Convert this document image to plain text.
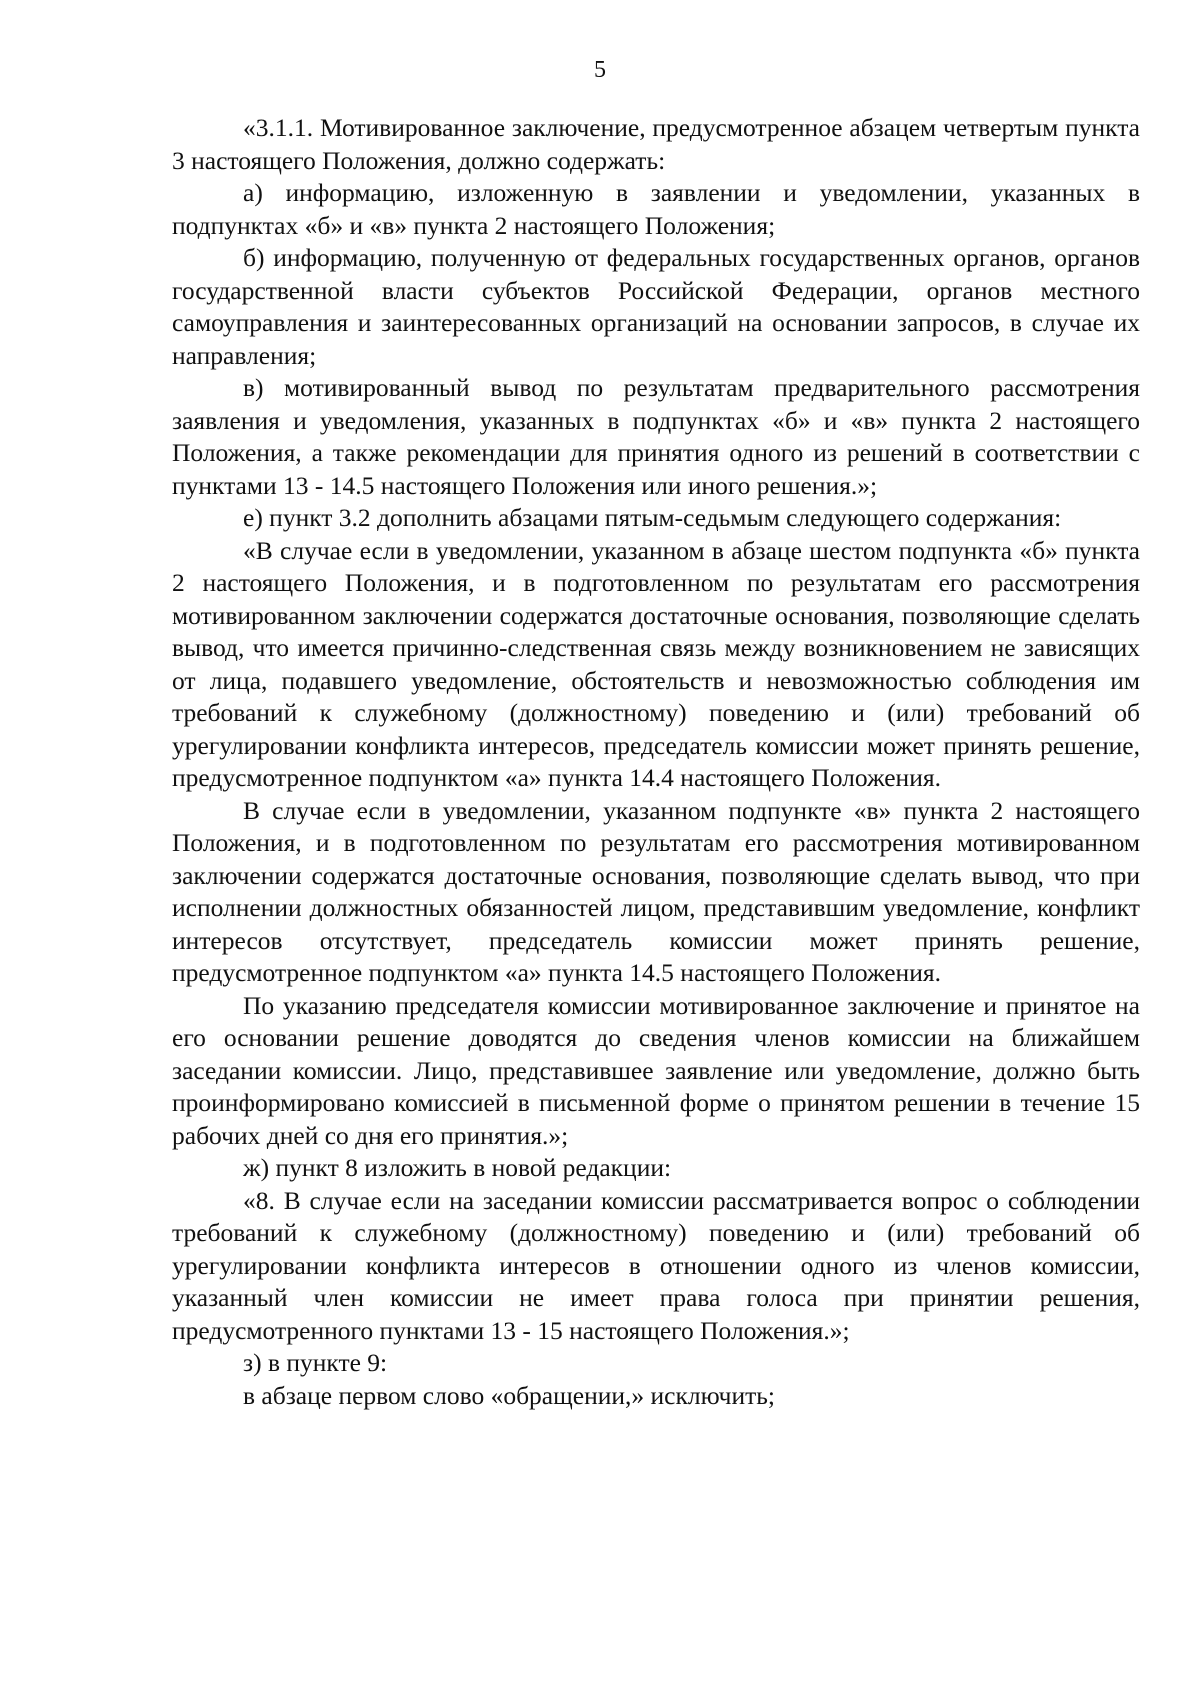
5

«3.1.1. Мотивированное заключение, предусмотренное абзацем четвертым пункта 3 настоящего Положения, должно содержать:

а) информацию, изложенную в заявлении и уведомлении, указанных в подпунктах «б» и «в» пункта 2 настоящего Положения;

б) информацию, полученную от федеральных государственных органов, органов государственной власти субъектов Российской Федерации, органов местного самоуправления и заинтересованных организаций на основании запросов, в случае их направления;

в) мотивированный вывод по результатам предварительного рассмотрения заявления и уведомления, указанных в подпунктах «б» и «в» пункта 2 настоящего Положения, а также рекомендации для принятия одного из решений в соответствии с пунктами 13 - 14.5 настоящего Положения или иного решения.»;

е) пункт 3.2 дополнить абзацами пятым-седьмым следующего содержания:

«В случае если в уведомлении, указанном в абзаце шестом подпункта «б» пункта 2 настоящего Положения, и в подготовленном по результатам его рассмотрения мотивированном заключении содержатся достаточные основания, позволяющие сделать вывод, что имеется причинно-следственная связь между возникновением не зависящих от лица, подавшего уведомление, обстоятельств и невозможностью соблюдения им требований к служебному (должностному) поведению и (или) требований об урегулировании конфликта интересов, председатель комиссии может принять решение, предусмотренное подпунктом «а» пункта 14.4 настоящего Положения.

В случае если в уведомлении, указанном подпункте «в» пункта 2 настоящего Положения, и в подготовленном по результатам его рассмотрения мотивированном заключении содержатся достаточные основания, позволяющие сделать вывод, что при исполнении должностных обязанностей лицом, представившим уведомление, конфликт интересов отсутствует, председатель комиссии может принять решение, предусмотренное подпунктом «а» пункта 14.5 настоящего Положения.

По указанию председателя комиссии мотивированное заключение и принятое на его основании решение доводятся до сведения членов комиссии на ближайшем заседании комиссии. Лицо, представившее заявление или уведомление, должно быть проинформировано комиссией в письменной форме о принятом решении в течение 15 рабочих дней со дня его принятия.»;

ж) пункт 8 изложить в новой редакции:

«8. В случае если на заседании комиссии рассматривается вопрос о соблюдении требований к служебному (должностному) поведению и (или) требований об урегулировании конфликта интересов в отношении одного из членов комиссии, указанный член комиссии не имеет права голоса при принятии решения, предусмотренного пунктами 13 - 15 настоящего Положения.»;

з) в пункте 9:

в абзаце первом слово «обращении,» исключить;
